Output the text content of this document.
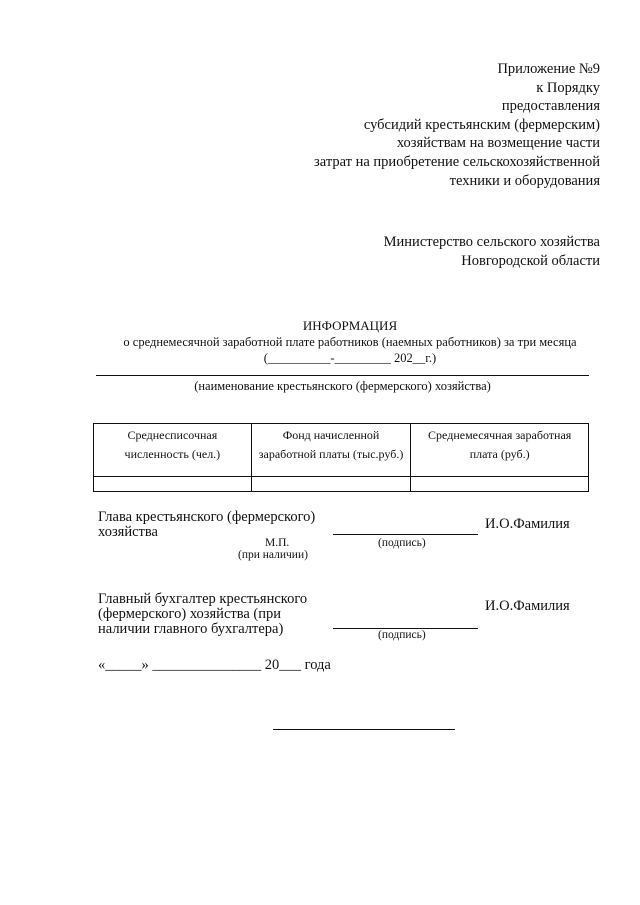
Приложение №9
к Порядку
предоставления
субсидий крестьянским (фермерским)
хозяйствам на возмещение части
затрат на приобретение сельскохозяйственной
техники и оборудования
Министерство сельского хозяйства
Новгородской области
ИНФОРМАЦИЯ
о среднемесячной заработной плате работников (наемных работников) за три месяца
(__________-_________ 202__г.)
(наименование крестьянского (фермерского) хозяйства)
Среднесписочная численность (чел.)	Фонд начисленной заработной платы (тыс.руб.)	Среднемесячная заработная плата (руб.)

Глава крестьянского (фермерского)
хозяйства	И.О.Фамилия
М.П.	(подпись)
(при наличии)
Главный бухгалтер крестьянского
(фермерского) хозяйства (при
наличии главного бухгалтера)
И.О.Фамилия
(подпись)
«_____» _______________ 20___ года
